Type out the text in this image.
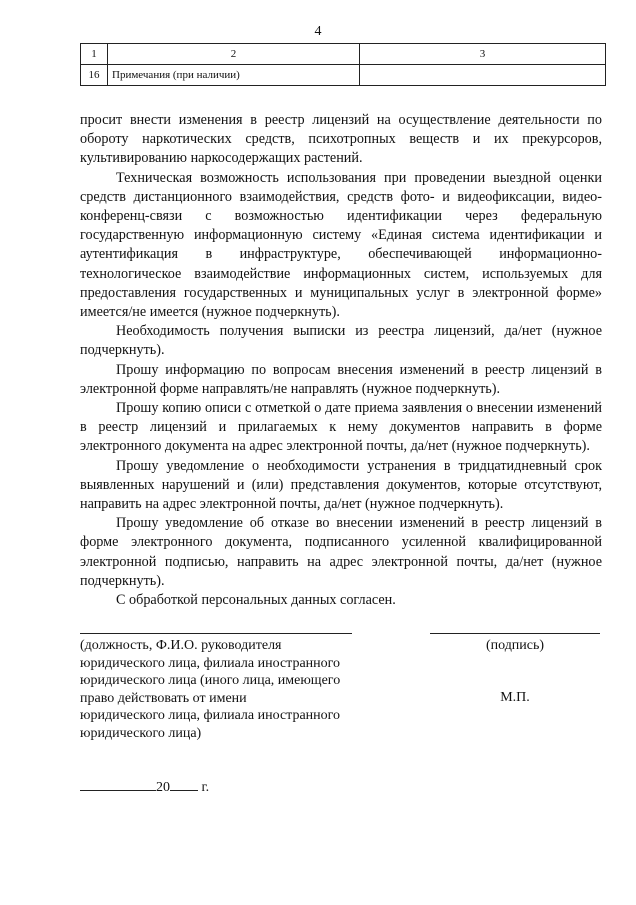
4
1	2	3
16	Примечания (при наличии)	

просит внести изменения в реестр лицензий на осуществление деятельности по обороту наркотических средств, психотропных веществ и их прекурсоров, культивированию наркосодержащих растений.

Техническая возможность использования при проведении выездной оценки средств дистанционного взаимодействия, средств фото- и видеофиксации, видео-конференц-связи с возможностью идентификации через федеральную государственную информационную систему «Единая система идентификации и аутентификация в инфраструктуре, обеспечивающей информационно-технологическое взаимодействие информационных систем, используемых для предоставления государственных и муниципальных услуг в электронной форме» имеется/не имеется (нужное подчеркнуть).

Необходимость получения выписки из реестра лицензий, да/нет (нужное подчеркнуть).

Прошу информацию по вопросам внесения изменений в реестр лицензий в электронной форме направлять/не направлять (нужное подчеркнуть).

Прошу копию описи с отметкой о дате приема заявления о внесении изменений в реестр лицензий и прилагаемых к нему документов направить в форме электронного документа на адрес электронной почты, да/нет (нужное подчеркнуть).

Прошу уведомление о необходимости устранения в тридцатидневный срок выявленных нарушений и (или) представления документов, которые отсутствуют, направить на адрес электронной почты, да/нет (нужное подчеркнуть).

Прошу уведомление об отказе во внесении изменений в реестр лицензий в форме электронного документа, подписанного усиленной квалифицированной электронной подписью, направить на адрес электронной почты, да/нет (нужное подчеркнуть).

С обработкой персональных данных согласен.

(должность, Ф.И.О. руководителя
юридического лица, филиала иностранного
юридического лица (иного лица, имеющего
право действовать от имени
юридического лица, филиала иностранного
юридического лица)
(подпись)
М.П.
20 г.
